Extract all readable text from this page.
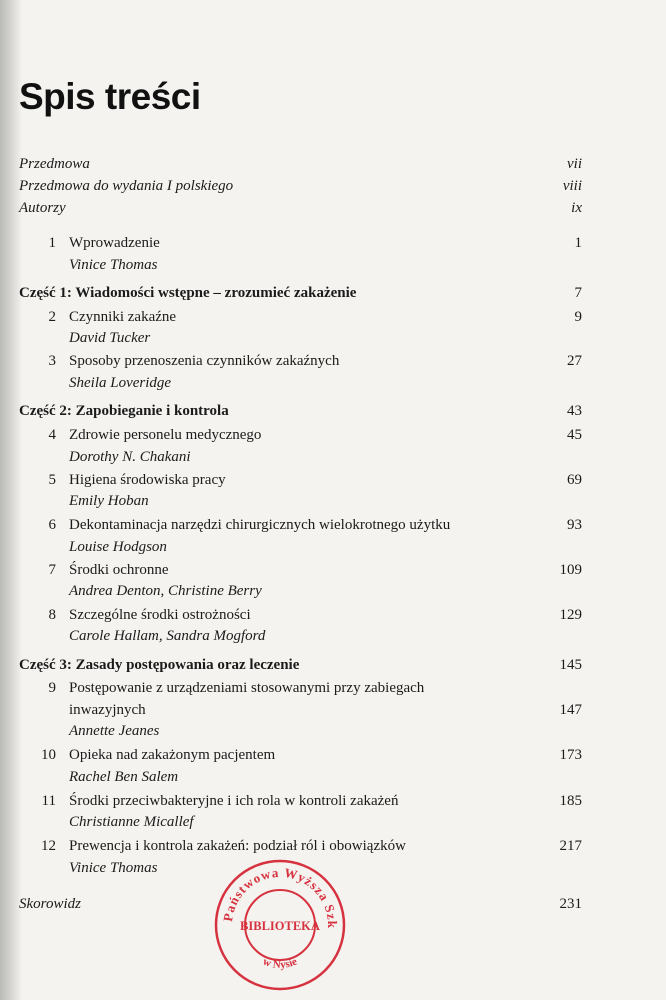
Spis treści
Przedmowa	vii
Przedmowa do wydania I polskiego	viii
Autorzy	ix
1 Wprowadzenie	1
Vinice Thomas
Część 1: Wiadomości wstępne – zrozumieć zakażenie	7
2 Czynniki zakaźne	9
David Tucker
3 Sposoby przenoszenia czynników zakaźnych	27
Sheila Loveridge
Część 2: Zapobieganie i kontrola	43
4 Zdrowie personelu medycznego	45
Dorothy N. Chakani
5 Higiena środowiska pracy	69
Emily Hoban
6 Dekontaminacja narzędzi chirurgicznych wielokrotnego użytku	93
Louise Hodgson
7 Środki ochronne	109
Andrea Denton, Christine Berry
8 Szczególne środki ostrożności	129
Carole Hallam, Sandra Mogford
Część 3: Zasady postępowania oraz leczenie	145
9 Postępowanie z urządzeniami stosowanymi przy zabiegach
inwazyjnych	147
Annette Jeanes
10 Opieka nad zakażonym pacjentem	173
Rachel Ben Salem
11 Środki przeciwbakteryjne i ich rola w kontroli zakażeń	185
Christianne Micallef
12 Prewencja i kontrola zakażeń: podział ról i obowiązków	217
Vinice Thomas
Skorowidz	231
Państwowa Wyższa Szk
BIBLIOTEKA
w Nysie
